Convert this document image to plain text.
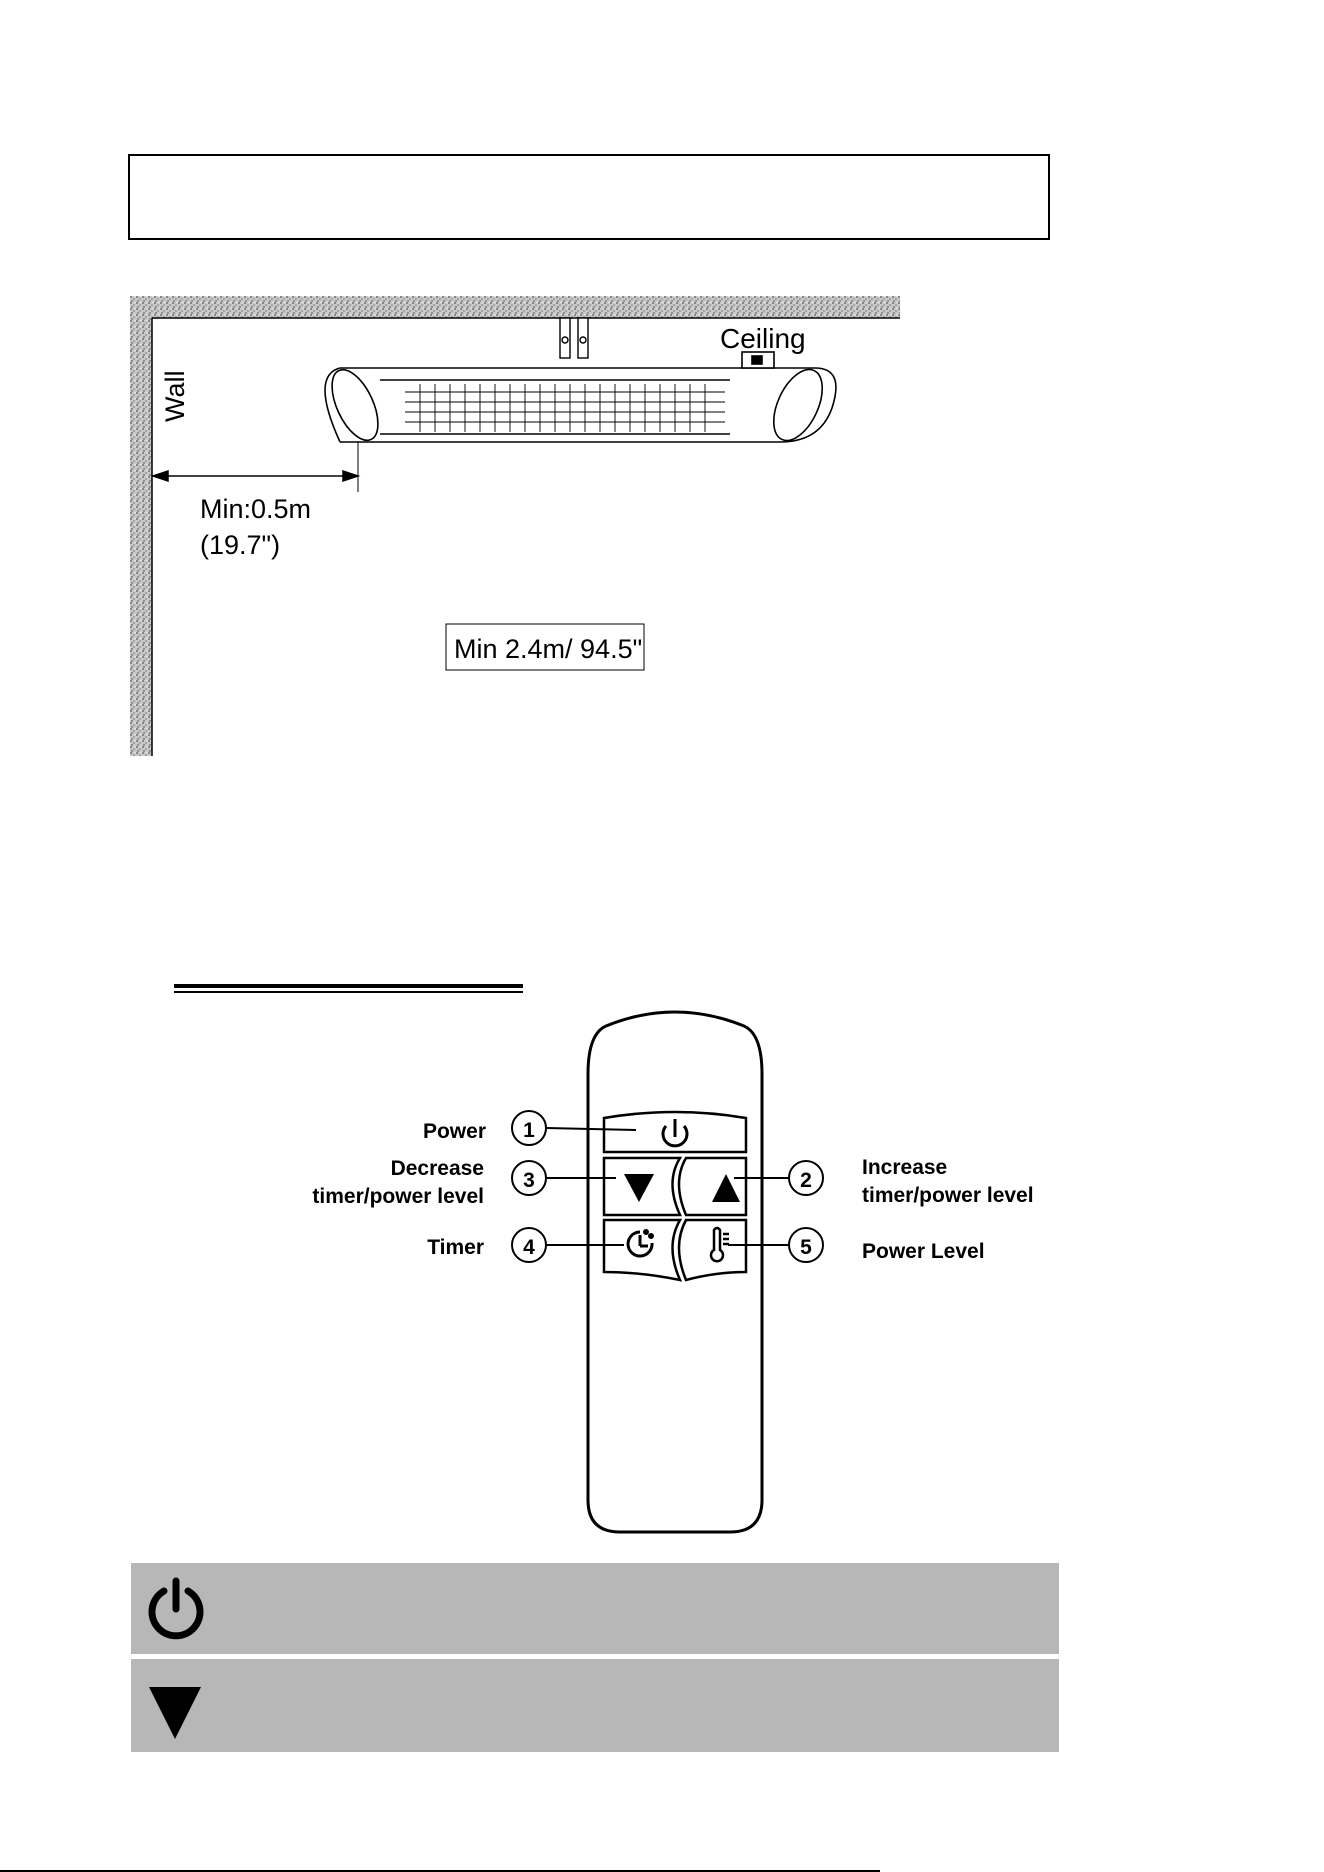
Ceiling
Wall
Min:0.5m
(19.7")
Min 2.4m/ 94.5"
1
2
3
4	5
Power
Decrease
timer/power level
Timer
Increase
timer/power level
Power Level
